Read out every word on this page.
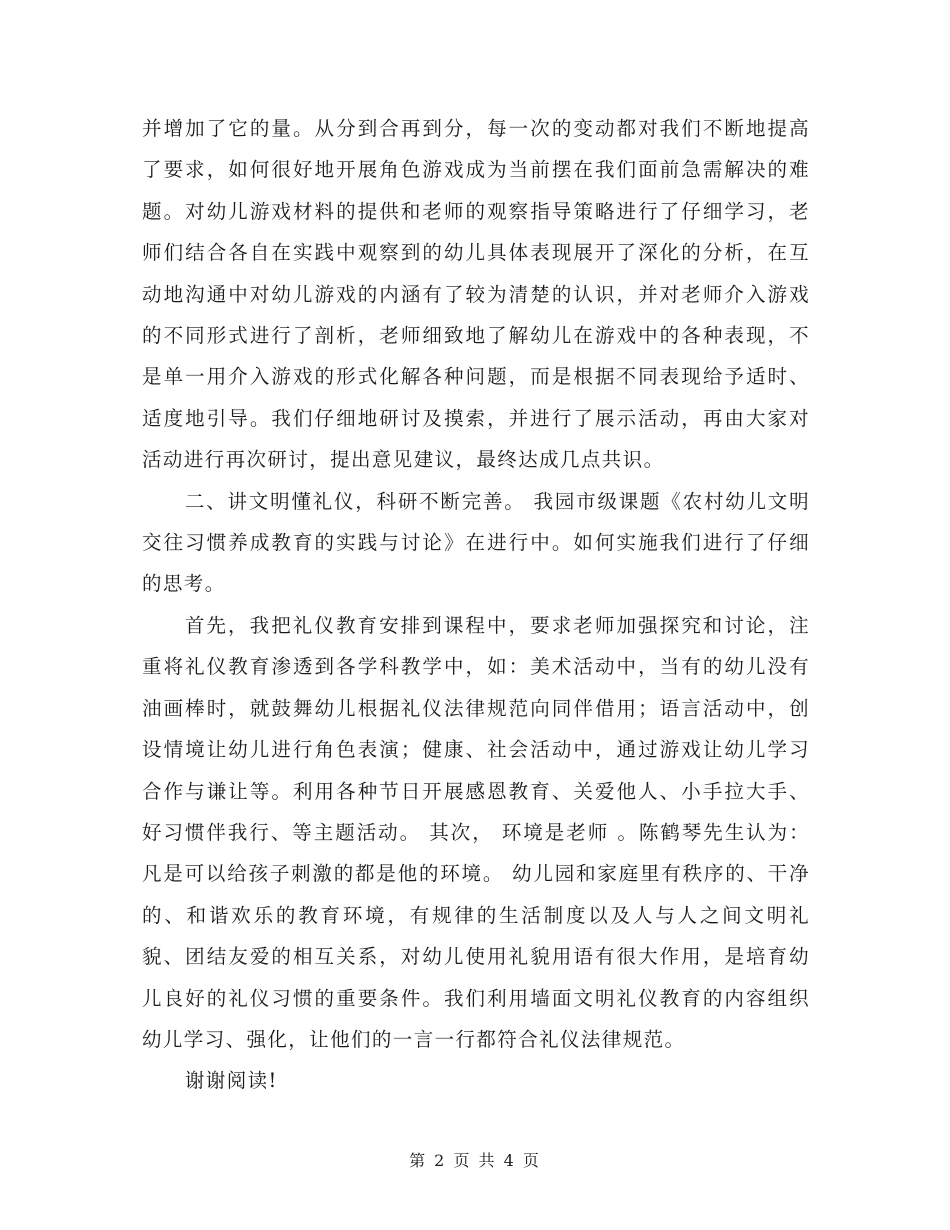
并增加了它的量。从分到合再到分，每一次的变动都对我们不断地提高了要求，如何很好地开展角色游戏成为当前摆在我们面前急需解决的难题。对幼儿游戏材料的提供和老师的观察指导策略进行了仔细学习，老师们结合各自在实践中观察到的幼儿具体表现展开了深化的分析，在互动地沟通中对幼儿游戏的内涵有了较为清楚的认识，并对老师介入游戏的不同形式进行了剖析，老师细致地了解幼儿在游戏中的各种表现，不是单一用介入游戏的形式化解各种问题，而是根据不同表现给予适时、适度地引导。我们仔细地研讨及摸索，并进行了展示活动，再由大家对活动进行再次研讨，提出意见建议，最终达成几点共识。

二、讲文明懂礼仪，科研不断完善。 我园市级课题《农村幼儿文明交往习惯养成教育的实践与讨论》在进行中。如何实施我们进行了仔细的思考。

首先，我把礼仪教育安排到课程中，要求老师加强探究和讨论，注重将礼仪教育渗透到各学科教学中，如：美术活动中，当有的幼儿没有油画棒时，就鼓舞幼儿根据礼仪法律规范向同伴借用；语言活动中，创设情境让幼儿进行角色表演；健康、社会活动中，通过游戏让幼儿学习合作与谦让等。利用各种节日开展感恩教育、关爱他人、小手拉大手、好习惯伴我行、等主题活动。 其次， 环境是老师 。陈鹤琴先生认为： 凡是可以给孩子刺激的都是他的环境。 幼儿园和家庭里有秩序的、干净的、和谐欢乐的教育环境，有规律的生活制度以及人与人之间文明礼貌、团结友爱的相互关系，对幼儿使用礼貌用语有很大作用，是培育幼儿良好的礼仪习惯的重要条件。我们利用墙面文明礼仪教育的内容组织幼儿学习、强化，让他们的一言一行都符合礼仪法律规范。

谢谢阅读!

第 2 页 共 4 页
